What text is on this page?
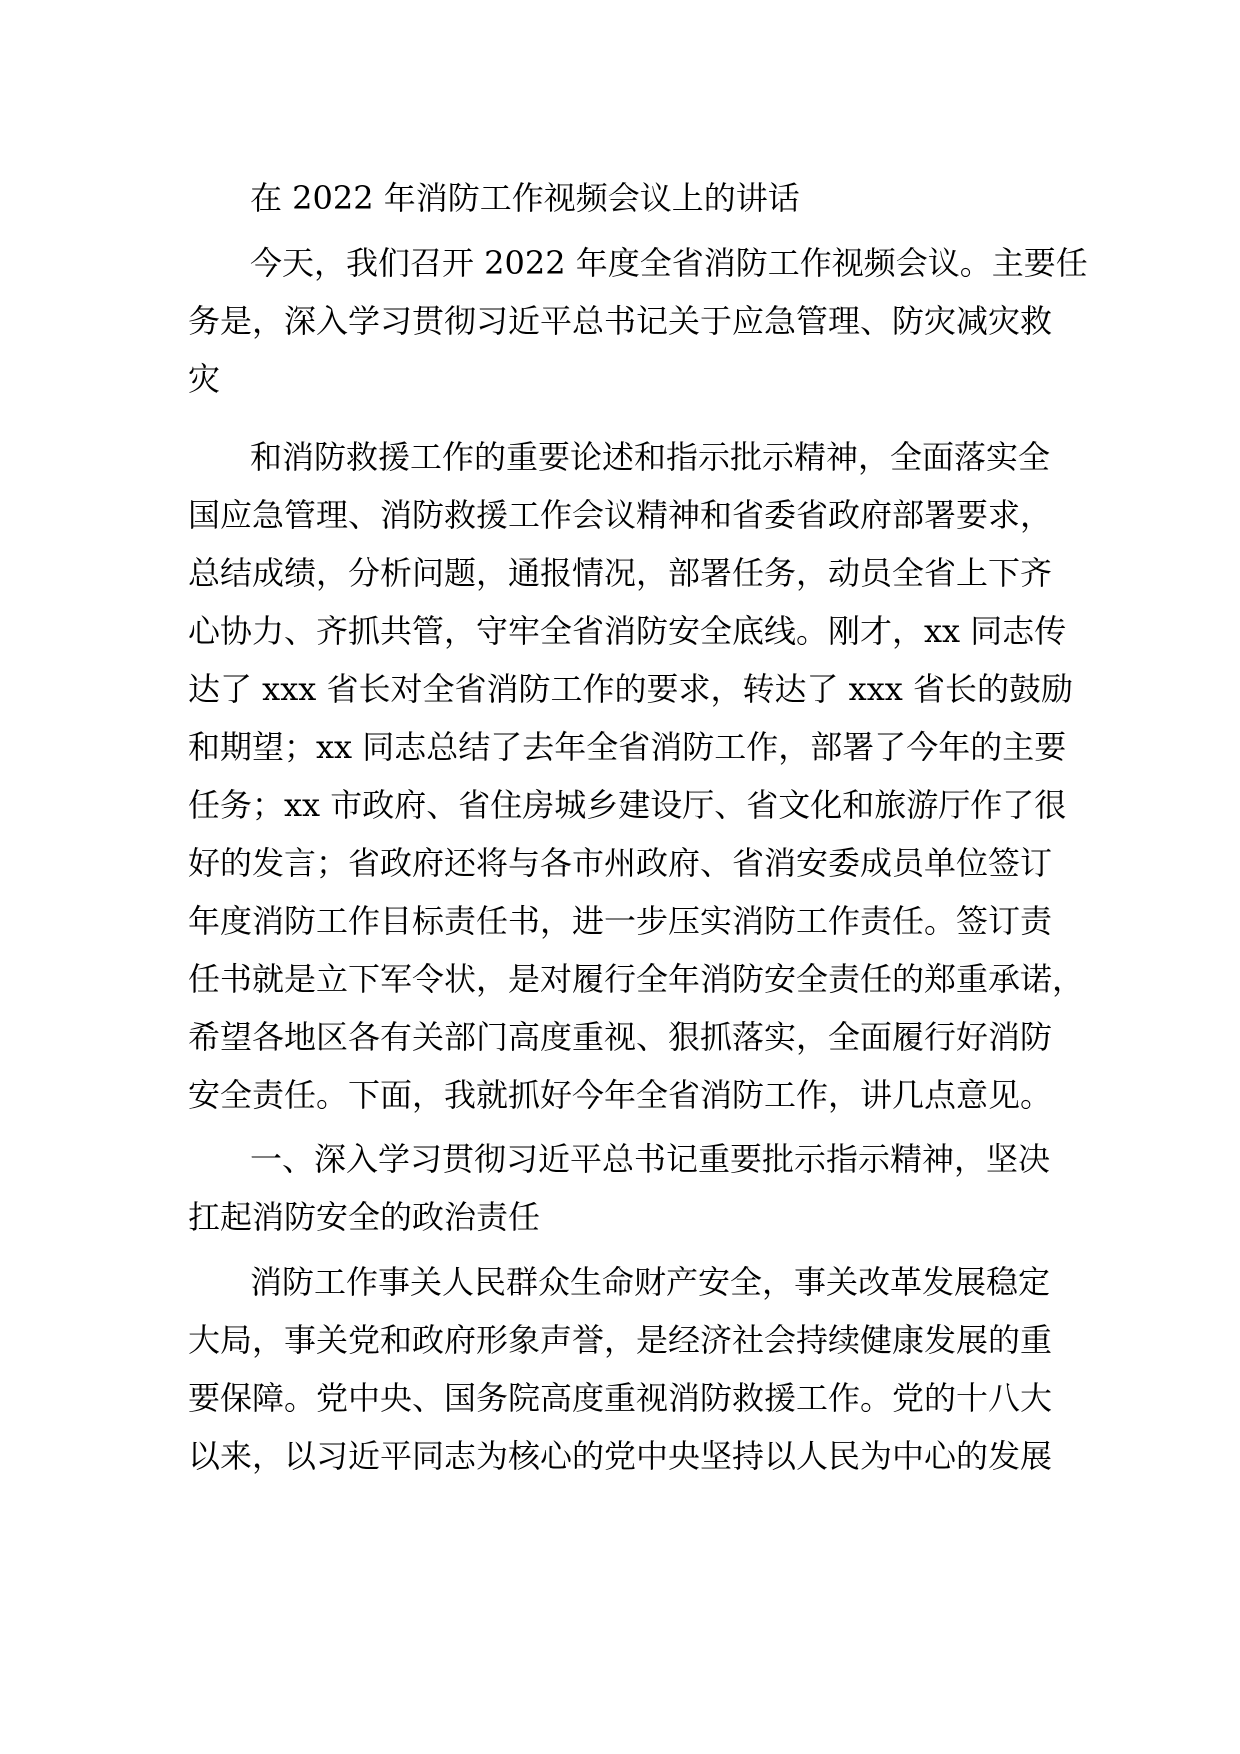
在 2022 年消防工作视频会议上的讲话

今天，我们召开 2022 年度全省消防工作视频会议。主要任

务是，深入学习贯彻习近平总书记关于应急管理、防灾减灾救

灾

和消防救援工作的重要论述和指示批示精神，全面落实全

国应急管理、消防救援工作会议精神和省委省政府部署要求，

总结成绩，分析问题，通报情况，部署任务，动员全省上下齐

心协力、齐抓共管，守牢全省消防安全底线。刚才，xx 同志传

达了 xxx 省长对全省消防工作的要求，转达了 xxx 省长的鼓励

和期望；xx 同志总结了去年全省消防工作，部署了今年的主要

任务；xx 市政府、省住房城乡建设厅、省文化和旅游厅作了很

好的发言；省政府还将与各市州政府、省消安委成员单位签订

年度消防工作目标责任书，进一步压实消防工作责任。签订责

任书就是立下军令状，是对履行全年消防安全责任的郑重承诺，

希望各地区各有关部门高度重视、狠抓落实，全面履行好消防

安全责任。下面，我就抓好今年全省消防工作，讲几点意见。

一、深入学习贯彻习近平总书记重要批示指示精神，坚决

扛起消防安全的政治责任

消防工作事关人民群众生命财产安全，事关改革发展稳定

大局，事关党和政府形象声誉，是经济社会持续健康发展的重

要保障。党中央、国务院高度重视消防救援工作。党的十八大

以来，以习近平同志为核心的党中央坚持以人民为中心的发展
